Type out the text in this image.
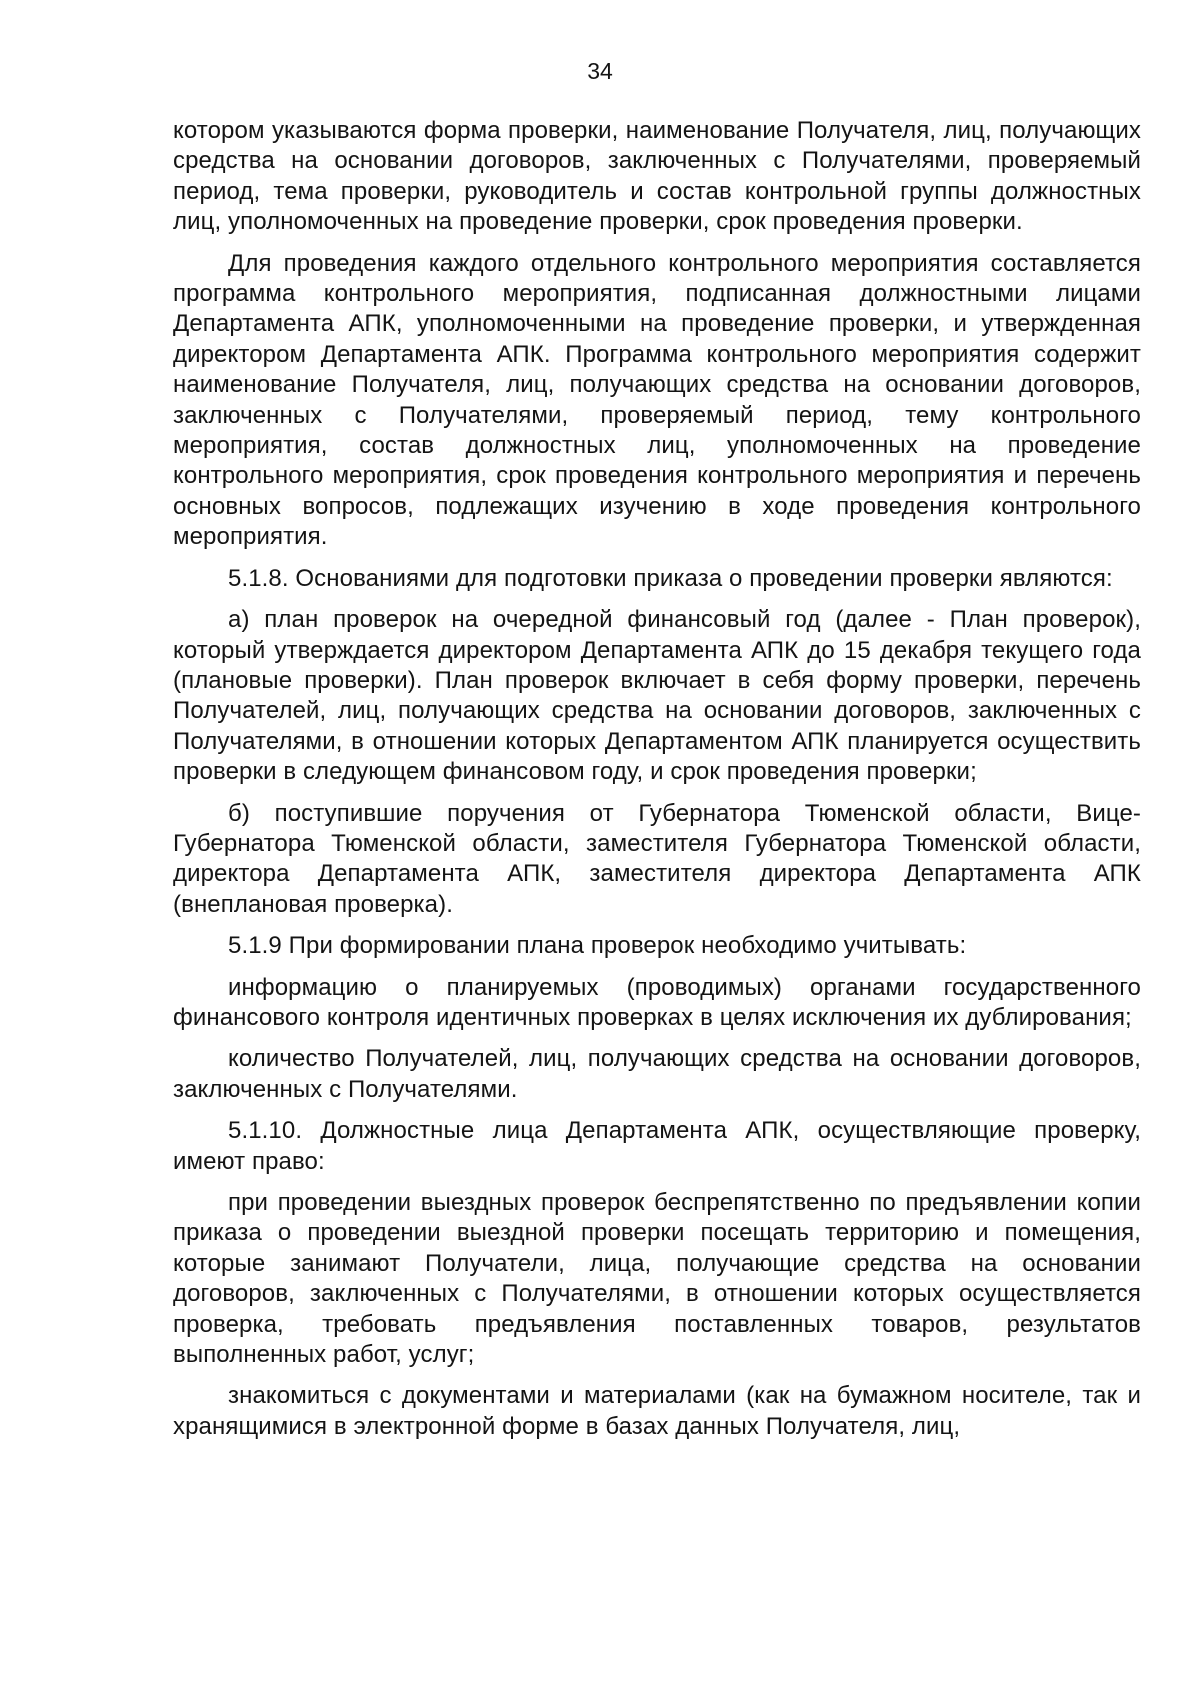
34

котором указываются форма проверки, наименование Получателя, лиц, получающих средства на основании договоров, заключенных с Получателями, проверяемый период, тема проверки, руководитель и состав контрольной группы должностных лиц, уполномоченных на проведение проверки, срок проведения проверки.

Для проведения каждого отдельного контрольного мероприятия составляется программа контрольного мероприятия, подписанная должностными лицами Департамента АПК, уполномоченными на проведение проверки, и утвержденная директором Департамента АПК. Программа контрольного мероприятия содержит наименование Получателя, лиц, получающих средства на основании договоров, заключенных с Получателями, проверяемый период, тему контрольного мероприятия, состав должностных лиц, уполномоченных на проведение контрольного мероприятия, срок проведения контрольного мероприятия и перечень основных вопросов, подлежащих изучению в ходе проведения контрольного мероприятия.

5.1.8. Основаниями для подготовки приказа о проведении проверки являются:

а) план проверок на очередной финансовый год (далее - План проверок), который утверждается директором Департамента АПК до 15 декабря текущего года (плановые проверки). План проверок включает в себя форму проверки, перечень Получателей, лиц, получающих средства на основании договоров, заключенных с Получателями, в отношении которых Департаментом АПК планируется осуществить проверки в следующем финансовом году, и срок проведения проверки;

б) поступившие поручения от Губернатора Тюменской области, Вице-Губернатора Тюменской области, заместителя Губернатора Тюменской области, директора Департамента АПК, заместителя директора Департамента АПК (внеплановая проверка).

5.1.9 При формировании плана проверок необходимо учитывать:

информацию о планируемых (проводимых) органами государственного финансового контроля идентичных проверках в целях исключения их дублирования;

количество Получателей, лиц, получающих средства на основании договоров, заключенных с Получателями.

5.1.10. Должностные лица Департамента АПК, осуществляющие проверку, имеют право:

при проведении выездных проверок беспрепятственно по предъявлении копии приказа о проведении выездной проверки посещать территорию и помещения, которые занимают Получатели, лица, получающие средства на основании договоров, заключенных с Получателями, в отношении которых осуществляется проверка, требовать предъявления поставленных товаров, результатов выполненных работ, услуг;

знакомиться с документами и материалами (как на бумажном носителе, так и хранящимися в электронной форме в базах данных Получателя, лиц,
